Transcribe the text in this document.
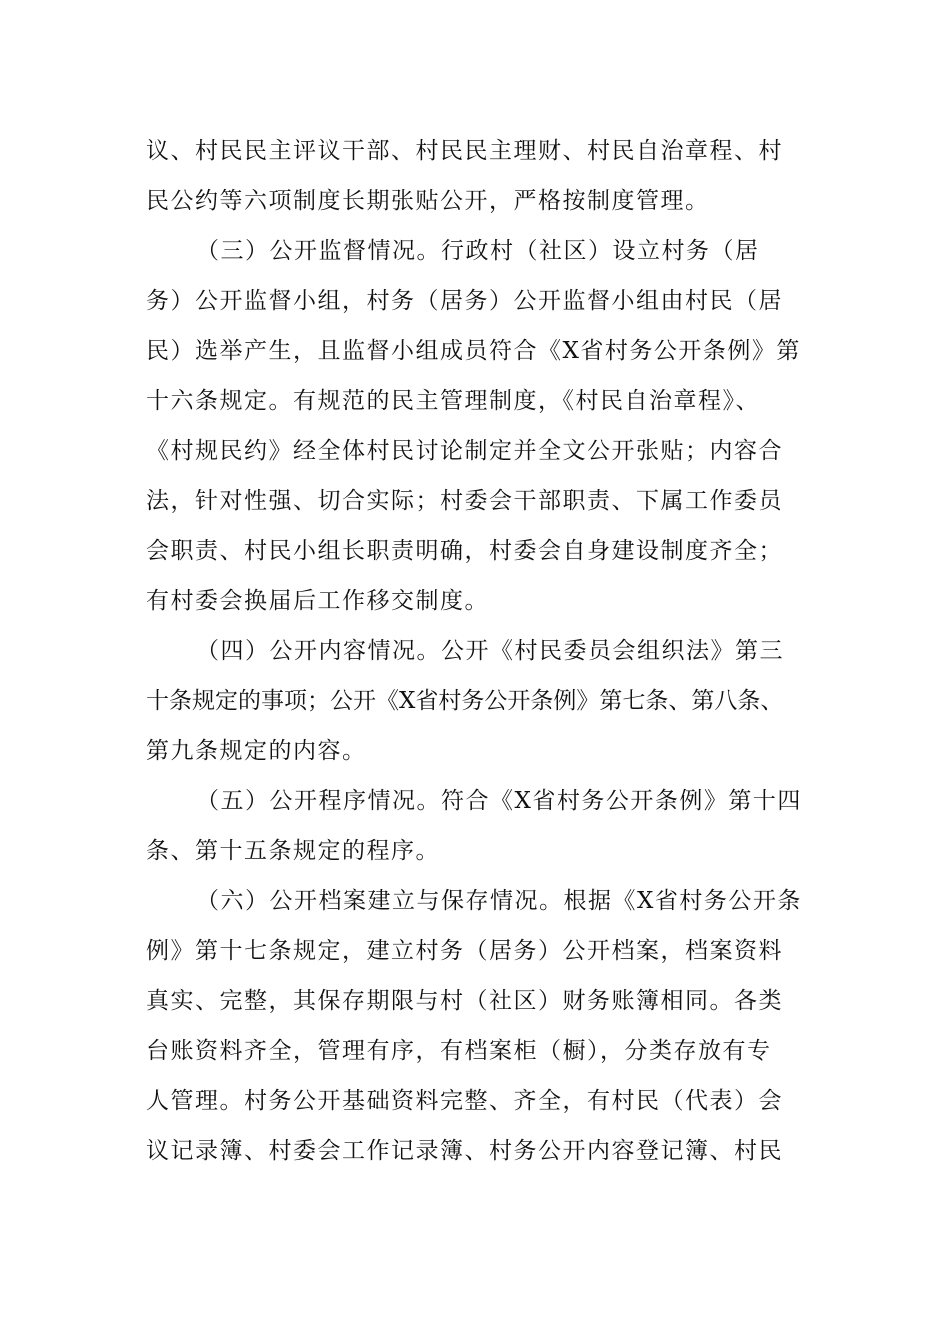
议、村民民主评议干部、村民民主理财、村民自治章程、村
民公约等六项制度长期张贴公开，严格按制度管理。
（三）公开监督情况。行政村（社区）设立村务（居
务）公开监督小组，村务（居务）公开监督小组由村民（居
民）选举产生，且监督小组成员符合《X省村务公开条例》第
十六条规定。有规范的民主管理制度，《村民自治章程》、
《村规民约》经全体村民讨论制定并全文公开张贴；内容合
法，针对性强、切合实际；村委会干部职责、下属工作委员
会职责、村民小组长职责明确，村委会自身建设制度齐全；
有村委会换届后工作移交制度。
（四）公开内容情况。公开《村民委员会组织法》第三
十条规定的事项；公开《X省村务公开条例》第七条、第八条、
第九条规定的内容。
（五）公开程序情况。符合《X省村务公开条例》第十四
条、第十五条规定的程序。
（六）公开档案建立与保存情况。根据《X省村务公开条
例》第十七条规定，建立村务（居务）公开档案，档案资料
真实、完整，其保存期限与村（社区）财务账簿相同。各类
台账资料齐全，管理有序，有档案柜（橱），分类存放有专
人管理。村务公开基础资料完整、齐全，有村民（代表）会
议记录簿、村委会工作记录簿、村务公开内容登记簿、村民
